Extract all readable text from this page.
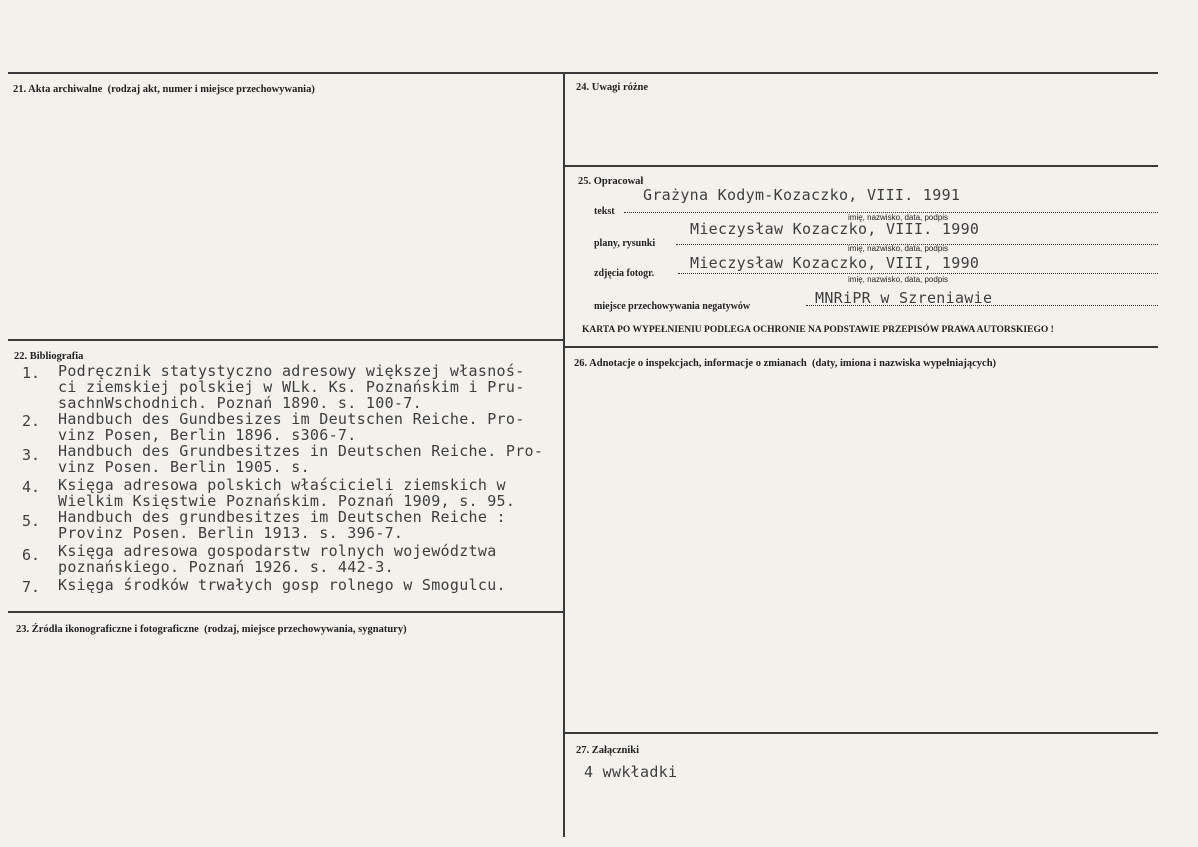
21. Akta archiwalne (rodzaj akt, numer i miejsce przechowywania)
22. Bibliografia
1. Podręcznik statystyczno adresowy większej własnoś-
ci ziemskiej polskiej w WLk. Ks. Poznańskim i Pru-
sachnWschodnich. Poznań 1890. s. 100-7.
2. Handbuch des Gundbesizes im Deutschen Reiche. Pro-
vinz Posen, Berlin 1896. s306-7.
3. Handbuch des Grundbesitzes in Deutschen Reiche. Pro-
vinz Posen. Berlin 1905. s.
4. Księga adresowa polskich właścicieli ziemskich w
Wielkim Księstwie Poznańskim. Poznań 1909, s. 95.
5. Handbuch des grundbesitzes im Deutschen Reiche :
Provinz Posen. Berlin 1913. s. 396-7.
6. Księga adresowa gospodarstw rolnych województwa
poznańskiego. Poznań 1926. s. 442-3.
7. Księga środków trwałych gosp rolnego w Smogulcu.
23. Źródła ikonograficzne i fotograficzne (rodzaj, miejsce przechowywania, sygnatury)
24. Uwagi różne
25. Opracował
tekst
Grażyna Kodym-Kozaczko, VIII. 1991
imię, nazwisko, data, podpis
plany, rysunki
Mieczysław Kozaczko, VIII. 1990
imię, nazwisko, data, podpis
zdjęcia fotogr.
Mieczysław Kozaczko, VIII, 1990
imię, nazwisko, data, podpis
miejsce przechowywania negatywów	MNRiPR w Szreniawie
KARTA PO WYPEŁNIENIU PODLEGA OCHRONIE NA PODSTAWIE PRZEPISÓW PRAWA AUTORSKIEGO !
26. Adnotacje o inspekcjach, informacje o zmianach (daty, imiona i nazwiska wypełniających)
27. Załączniki
4 wwkładki
